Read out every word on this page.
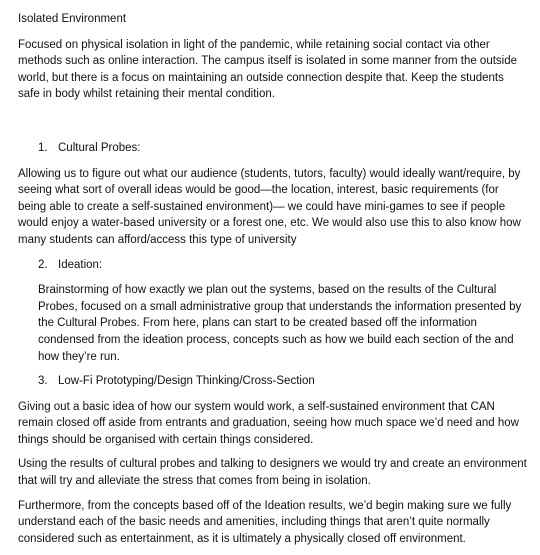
Isolated Environment

Focused on physical isolation in light of the pandemic, while retaining social contact via other methods such as online interaction. The campus itself is isolated in some manner from the outside world, but there is a focus on maintaining an outside connection despite that. Keep the students safe in body whilst retaining their mental condition.

1. Cultural Probes:

Allowing us to figure out what our audience (students, tutors, faculty) would ideally want/require, by seeing what sort of overall ideas would be good—the location, interest, basic requirements (for being able to create a self-sustained environment)— we could have mini-games to see if people would enjoy a water-based university or a forest one, etc. We would also use this to also know how many students can afford/access this type of university

2. Ideation:

Brainstorming of how exactly we plan out the systems, based on the results of the Cultural Probes, focused on a small administrative group that understands the information presented by the Cultural Probes. From here, plans can start to be created based off the information condensed from the ideation process, concepts such as how we build each section of the and how they’re run.

3. Low-Fi Prototyping/Design Thinking/Cross-Section

Giving out a basic idea of how our system would work, a self-sustained environment that CAN remain closed off aside from entrants and graduation, seeing how much space we’d need and how things should be organised with certain things considered.

Using the results of cultural probes and talking to designers we would try and create an environment that will try and alleviate the stress that comes from being in isolation.

Furthermore, from the concepts based off of the Ideation results, we’d begin making sure we fully understand each of the basic needs and amenities, including things that aren’t quite normally considered such as entertainment, as it is ultimately a physically closed off environment.
